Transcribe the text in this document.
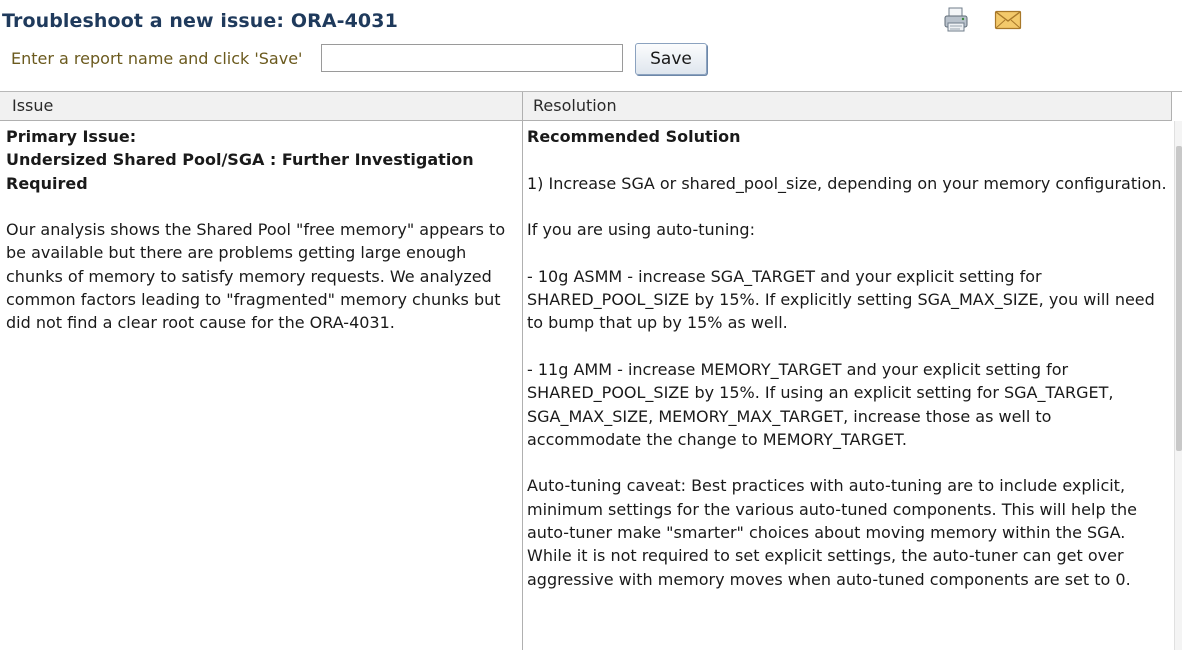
Troubleshoot a new issue: ORA-4031
Enter a report name and click 'Save'	Save
Issue	Resolution
Primary Issue:
Undersized Shared Pool/SGA : Further Investigation Required
Our analysis shows the Shared Pool "free memory" appears to be available but there are problems getting large enough chunks of memory to satisfy memory requests. We analyzed common factors leading to "fragmented" memory chunks but did not find a clear root cause for the ORA-4031.
Recommended Solution
1) Increase SGA or shared_pool_size, depending on your memory configuration.
If you are using auto-tuning:
- 10g ASMM - increase SGA_TARGET and your explicit setting for SHARED_POOL_SIZE by 15%. If explicitly setting SGA_MAX_SIZE, you will need to bump that up by 15% as well.
- 11g AMM - increase MEMORY_TARGET and your explicit setting for SHARED_POOL_SIZE by 15%. If using an explicit setting for SGA_TARGET, SGA_MAX_SIZE, MEMORY_MAX_TARGET, increase those as well to accommodate the change to MEMORY_TARGET.
Auto-tuning caveat: Best practices with auto-tuning are to include explicit, minimum settings for the various auto-tuned components. This will help the auto-tuner make "smarter" choices about moving memory within the SGA. While it is not required to set explicit settings, the auto-tuner can get over aggressive with memory moves when auto-tuned components are set to 0.
